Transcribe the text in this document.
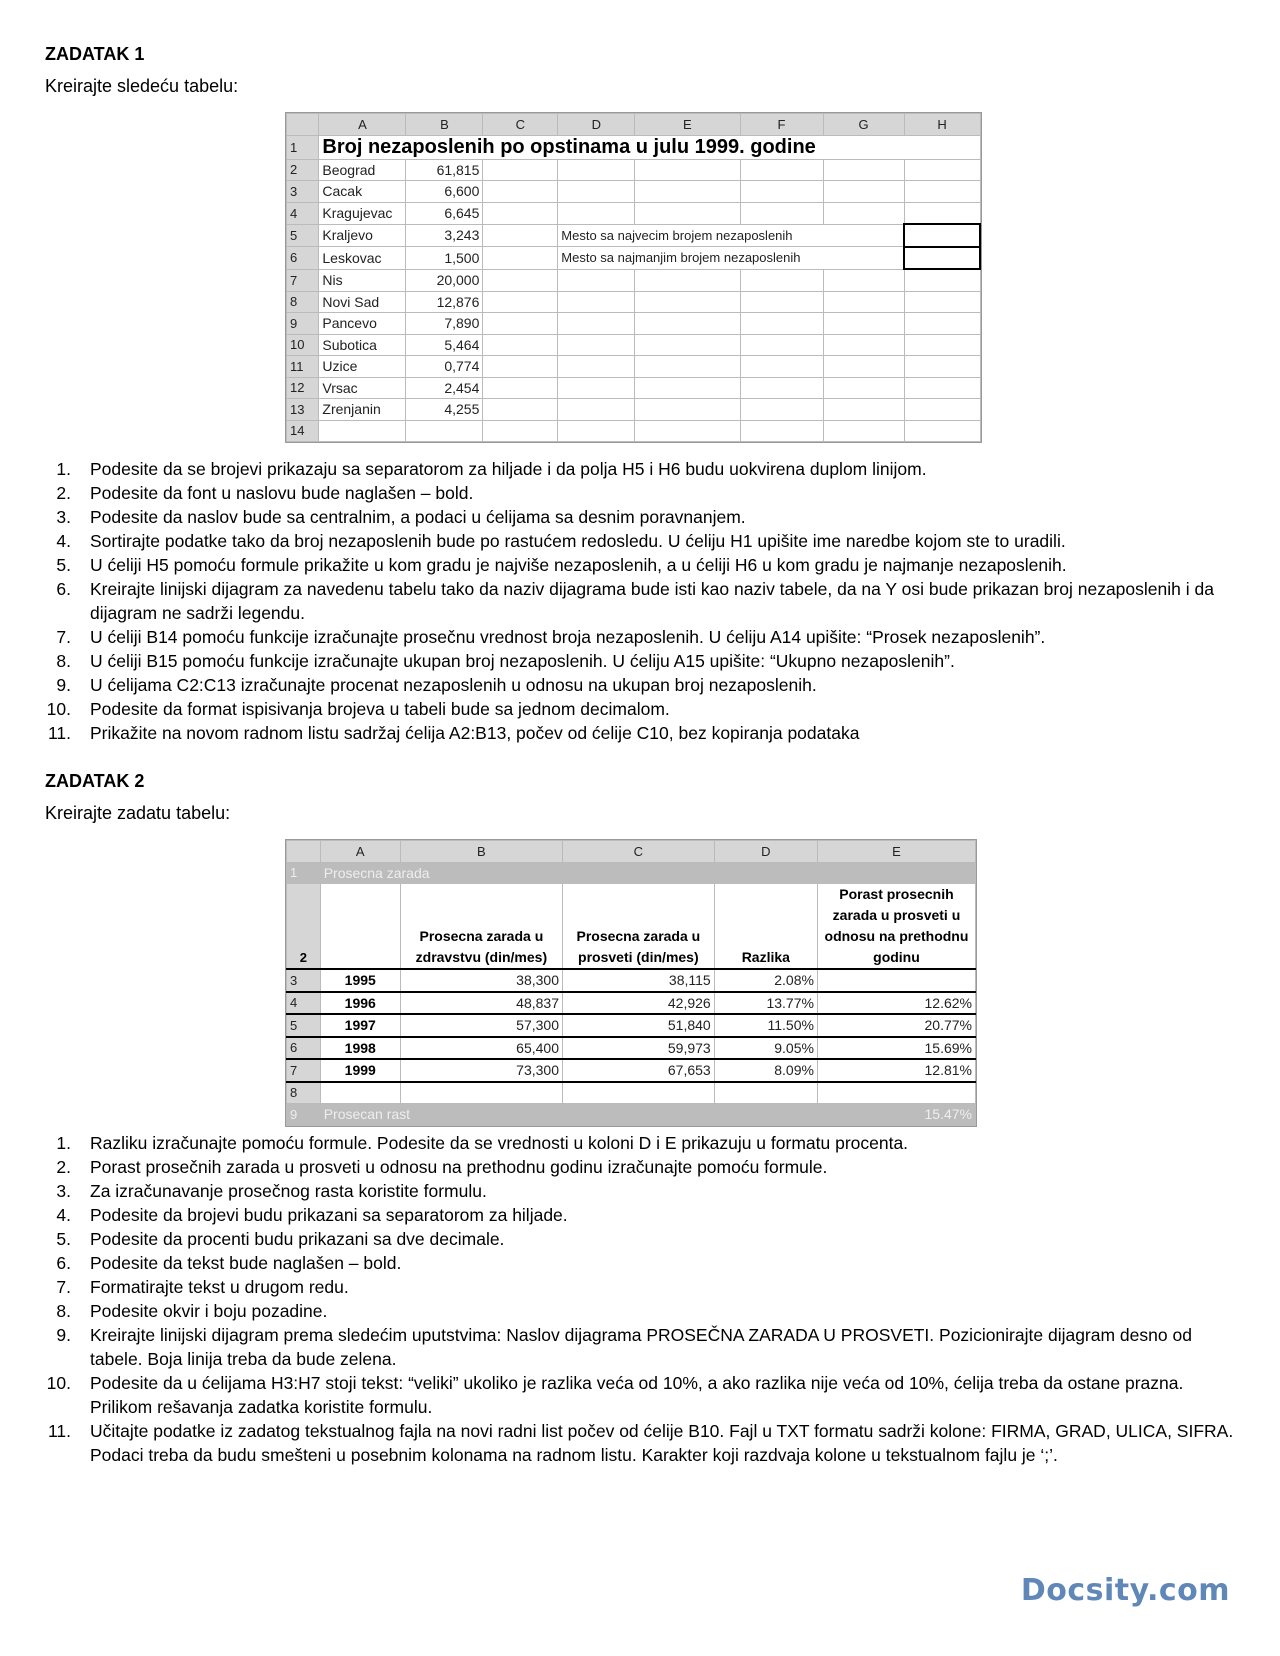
ZADATAK 1
Kreirajte sledeću tabelu:
	A	B	C	D	E	F	G	H
1	Broj nezaposlenih po opstinama u julu 1999. godine							
2	Beograd	61,815						
3	Cacak	6,600						
4	Kragujevac	6,645						
5	Kraljevo	3,243		Mesto sa najvecim brojem nezaposlenih				
6	Leskovac	1,500		Mesto sa najmanjim brojem nezaposlenih				
7	Nis	20,000						
8	Novi Sad	12,876						
9	Pancevo	7,890						
10	Subotica	5,464						
11	Uzice	0,774						
12	Vrsac	2,454						
13	Zrenjanin	4,255						
14								
1. Podesite da se brojevi prikazaju sa separatorom za hiljade i da polja H5 i H6 budu uokvirena duplom linijom.
2. Podesite da font u naslovu bude naglašen – bold.
3. Podesite da naslov bude sa centralnim, a podaci u ćelijama sa desnim poravnanjem.
4. Sortirajte podatke tako da broj nezaposlenih bude po rastućem redosledu. U ćeliju H1 upišite ime naredbe kojom ste to uradili.
5. U ćeliji H5 pomoću formule prikažite u kom gradu je najviše nezaposlenih, a u ćeliji H6 u kom gradu je najmanje nezaposlenih.
6. Kreirajte linijski dijagram za navedenu tabelu tako da naziv dijagrama bude isti kao naziv tabele, da na Y osi bude prikazan broj nezaposlenih i da dijagram ne sadrži legendu.
7. U ćeliji B14 pomoću funkcije izračunajte prosečnu vrednost broja nezaposlenih. U ćeliju A14 upišite: “Prosek nezaposlenih”.
8. U ćeliji B15 pomoću funkcije izračunajte ukupan broj nezaposlenih. U ćeliju A15 upišite: “Ukupno nezaposlenih”.
9. U ćelijama C2:C13 izračunajte procenat nezaposlenih u odnosu na ukupan broj nezaposlenih.
10. Podesite da format ispisivanja brojeva u tabeli bude sa jednom decimalom.
11. Prikažite na novom radnom listu sadržaj ćelija A2:B13, počev od ćelije C10, bez kopiranja podataka
ZADATAK 2
Kreirajte zadatu tabelu:
	A	B	C	D	E
1	Prosecna zarada				
2		Prosecna zarada u zdravstvu (din/mes)	Prosecna zarada u prosveti (din/mes)	Razlika	Porast prosecnih zarada u prosveti u odnosu na prethodnu godinu
3	1995	38,300	38,115	2.08%	
4	1996	48,837	42,926	13.77%	12.62%
5	1997	57,300	51,840	11.50%	20.77%
6	1998	65,400	59,973	9.05%	15.69%
7	1999	73,300	67,653	8.09%	12.81%
8					
9	Prosecan rast				15.47%
1. Razliku izračunajte pomoću formule. Podesite da se vrednosti u koloni D i E prikazuju u formatu procenta.
2. Porast prosečnih zarada u prosveti u odnosu na prethodnu godinu izračunajte pomoću formule.
3. Za izračunavanje prosečnog rasta koristite formulu.
4. Podesite da brojevi budu prikazani sa separatorom za hiljade.
5. Podesite da procenti budu prikazani sa dve decimale.
6. Podesite da tekst bude naglašen – bold.
7. Formatirajte tekst u drugom redu.
8. Podesite okvir i boju pozadine.
9. Kreirajte linijski dijagram prema sledećim uputstvima: Naslov dijagrama PROSEČNA ZARADA U PROSVETI. Pozicionirajte dijagram desno od tabele. Boja linija treba da bude zelena.
10. Podesite da u ćelijama H3:H7 stoji tekst: “veliki” ukoliko je razlika veća od 10%, a ako razlika nije veća od 10%, ćelija treba da ostane prazna. Prilikom rešavanja zadatka koristite formulu.
11. Učitajte podatke iz zadatog tekstualnog fajla na novi radni list počev od ćelije B10. Fajl u TXT formatu sadrži kolone: FIRMA, GRAD, ULICA, SIFRA. Podaci treba da budu smešteni u posebnim kolonama na radnom listu. Karakter koji razdvaja kolone u tekstualnom fajlu je ‘;’.
Docsity.com
